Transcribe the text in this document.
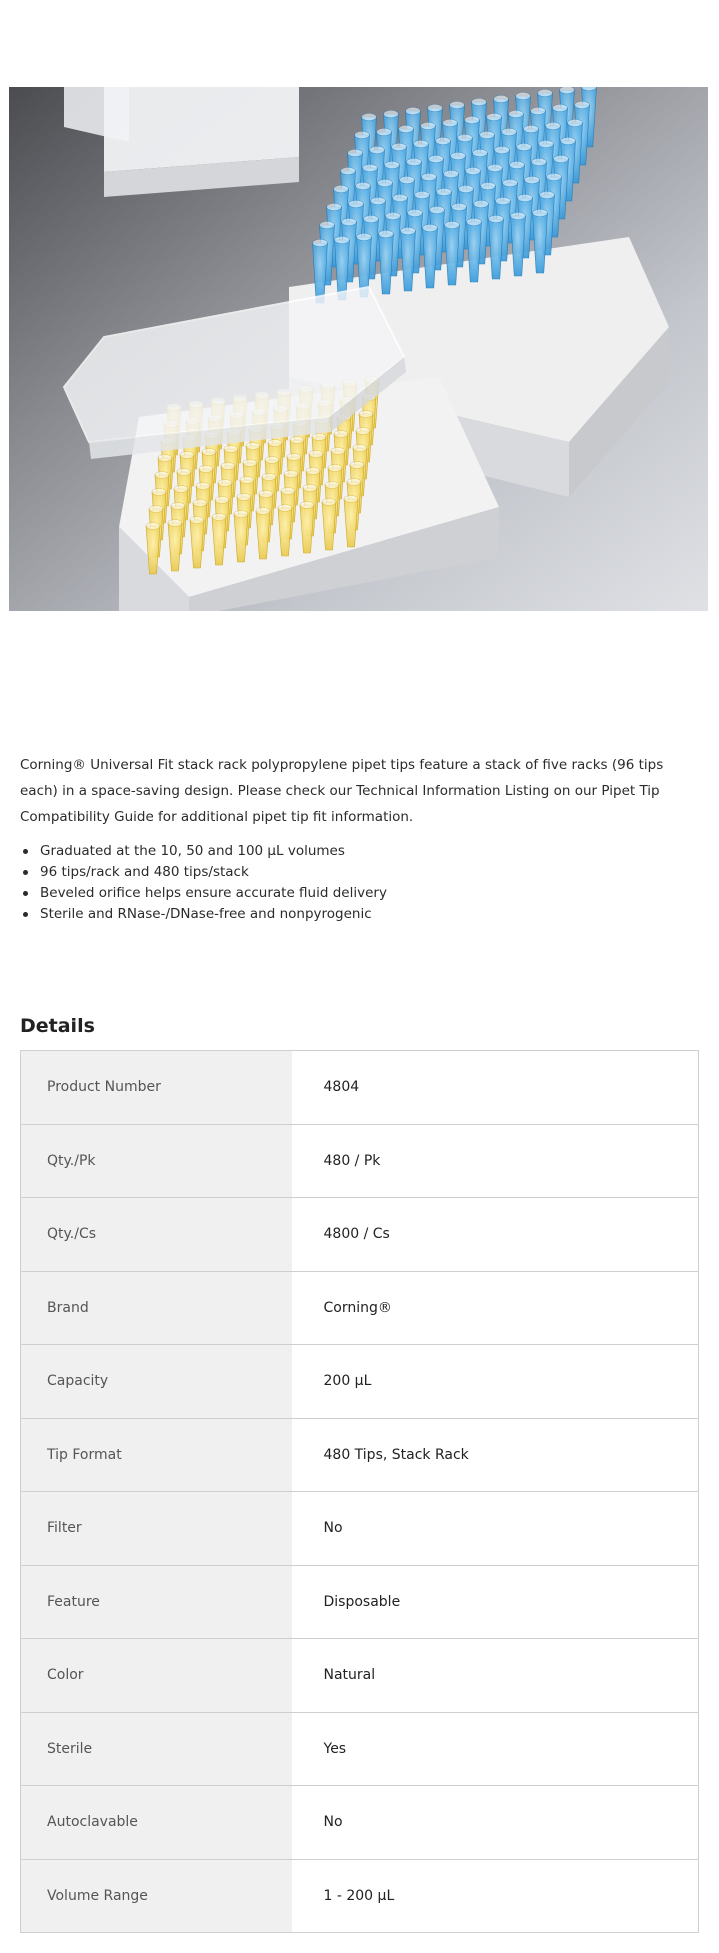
Corning® Universal Fit stack rack polypropylene pipet tips feature a stack of five racks (96 tips each) in a space-saving design. Please check our Technical Information Listing on our Pipet Tip Compatibility Guide for additional pipet tip fit information.

Graduated at the 10, 50 and 100 µL volumes
96 tips/rack and 480 tips/stack
Beveled orifice helps ensure accurate fluid delivery
Sterile and RNase-/DNase-free and nonpyrogenic
Details
Product Number	4804
Qty./Pk	480 / Pk
Qty./Cs	4800 / Cs
Brand	Corning®
Capacity	200 µL
Tip Format	480 Tips, Stack Rack
Filter	No
Feature	Disposable
Color	Natural
Sterile	Yes
Autoclavable	No
Volume Range	1 - 200 µL
